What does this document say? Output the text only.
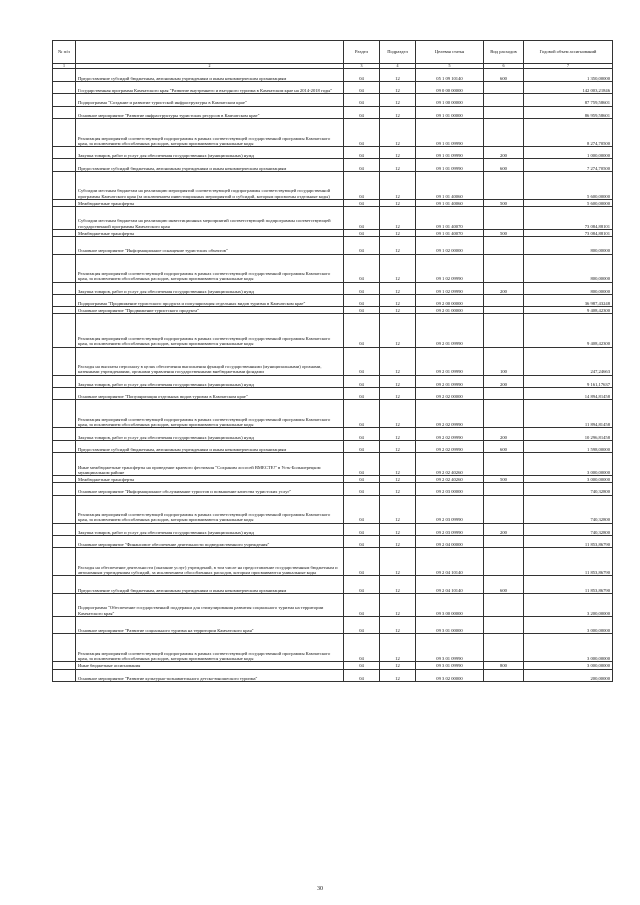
№ п/п		Раздел	Подраздел	Целевая статья	Вид расходов	Годовой объем ассигнований
1	2	3	4	5	6	7
	Предоставление субсидий бюджетным, автономным учреждениям и иным некоммерческим организациям	04	12	05 1 09 10140	600	1 350,00000
	Государственная программа Камчатского края "Развитие внутреннего и въездного туризма в Камчатском крае на 2014-2018 годы"	04	12	09 0 00 00000		142 003,21846
	Подпрограмма "Создание и развитие туристской инфраструктуры в Камчатском крае"	04	12	09 1 00 00000		87 759,58601
	Основное мероприятие "Развитие инфраструктуры туристских ресурсов в Камчатском крае"	04	12	09 1 01 00000		86 959,58601
	Реализация мероприятий соответствующей подпрограммы в рамках соответствующей государственной программы Камчатского края, за исключением обособленных расходов, которым присваиваются уникальные коды	04	12	09 1 01 09990		8 274,70500
	Закупка товаров, работ и услуг для обеспечения государственных (муниципальных) нужд	04	12	09 1 01 09990	200	1 000,00000
	Предоставление субсидий бюджетным, автономным учреждениям и иным некоммерческим организациям	04	12	09 1 01 09990	600	7 274,70500
	Субсидии местным бюджетам на реализацию мероприятий соответствующей подпрограммы соответствующей государственной программы Камчатского края (за исключением инвестиционных мероприятий и субсидий, которым присвоены отдельные коды)	04	12	09 1 01 40060		5 600,00000
	Межбюджетные трансферты	04	12	09 1 01 40060	500	5 600,00000
	Субсидии местным бюджетам на реализацию инвестиционных мероприятий соответствующей подпрограммы соответствующей государственной программы Камчатского края	04	12	09 1 01 40070		73 084,88101
	Межбюджетные трансферты	04	12	09 1 01 40070	500	73 084,88101
	Основное мероприятие "Информационное оснащение туристских объектов"	04	12	09 1 02 00000		800,00000
	Реализация мероприятий соответствующей подпрограммы в рамках соответствующей государственной программы Камчатского края, за исключением обособленных расходов, которым присваиваются уникальные коды	04	12	09 1 02 09990		800,00000
	Закупка товаров, работ и услуг для обеспечения государственных (муниципальных) нужд	04	12	09 1 02 09990	200	800,00000
	Подпрограмма "Продвижение туристского продукта и популяризация отдельных видов туризма в Камчатском крае"	04	12	09 2 00 00000		36 987,43248
	Основное мероприятие "Продвижение туристского продукта"	04	12	09 2 01 00000		9 408,42300
	Реализация мероприятий соответствующей подпрограммы в рамках соответствующей государственной программы Камчатского края, за исключением обособленных расходов, которым присваиваются уникальные коды	04	12	09 2 01 09990		9 408,42300
	Расходы на выплаты персоналу в целях обеспечения выполнения функций государственными (муниципальными) органами, казенными учреждениями, органами управления государственными внебюджетными фондами	04	12	09 2 01 09990	100	247,24663
	Закупка товаров, работ и услуг для обеспечения государственных (муниципальных) нужд	04	12	09 2 01 09990	200	9 161,17637
	Основное мероприятие "Популяризация отдельных видов туризма в Камчатском крае"	04	12	09 2 02 00000		14 894,81458
	Реализация мероприятий соответствующей подпрограммы в рамках соответствующей государственной программы Камчатского края, за исключением обособленных расходов, которым присваиваются уникальные коды	04	12	09 2 02 09990		11 894,81458
	Закупка товаров, работ и услуг для обеспечения государственных (муниципальных) нужд	04	12	09 2 02 09990	200	10 296,81458
	Предоставление субсидий бюджетным, автономным учреждениям и иным некоммерческим организациям	04	12	09 2 02 09990	600	1 598,00000
	Иные межбюджетные трансферты на проведение краевого фестиваля "Сохраним лососей ВМЕСТЕ!" в Усть-Большерецком муниципальном районе	04	12	09 2 02 40260		3 000,00000
	Межбюджетные трансферты	04	12	09 2 02 40260	500	3 000,00000
	Основное мероприятие "Информационное обслуживание туристов и повышение качества туристских услуг"	04	12	09 2 03 00000		740,32800
	Реализация мероприятий соответствующей подпрограммы в рамках соответствующей государственной программы Камчатского края, за исключением обособленных расходов, которым присваиваются уникальные коды	04	12	09 2 03 09990		740,32800
	Закупка товаров, работ и услуг для обеспечения государственных (муниципальных) нужд	04	12	09 2 03 09990	200	740,32800
	Основное мероприятие "Финансовое обеспечение деятельности подведомственного учреждения"	04	12	09 2 04 00000		11 853,86790
	Расходы на обеспечение деятельности (оказание услуг) учреждений, в том числе на предоставление государственным бюджетным и автономным учреждениям субсидий, за исключением обособленных расходов, которым присваиваются уникальные коды	04	12	09 2 04 10140		11 853,86790
	Предоставление субсидий бюджетным, автономным учреждениям и иным некоммерческим организациям	04	12	09 2 04 10140	600	11 853,86790
	Подпрограмма "Обеспечение государственной поддержки для стимулирования развития социального туризма на территории Камчатского края"	04	12	09 3 00 00000		3 200,00000
	Основное мероприятие "Развитие социального туризма на территории Камчатского края"	04	12	09 3 01 00000		3 000,00000
	Реализация мероприятий соответствующей подпрограммы в рамках соответствующей государственной программы Камчатского края, за исключением обособленных расходов, которым присваиваются уникальные коды	04	12	09 3 01 09990		3 000,00000
	Иные бюджетные ассигнования	04	12	09 3 01 09990	800	3 000,00000
	Основное мероприятие "Развитие культурно-познавательного детско-юношеского туризма"	04	12	09 3 02 00000		200,00000
30
